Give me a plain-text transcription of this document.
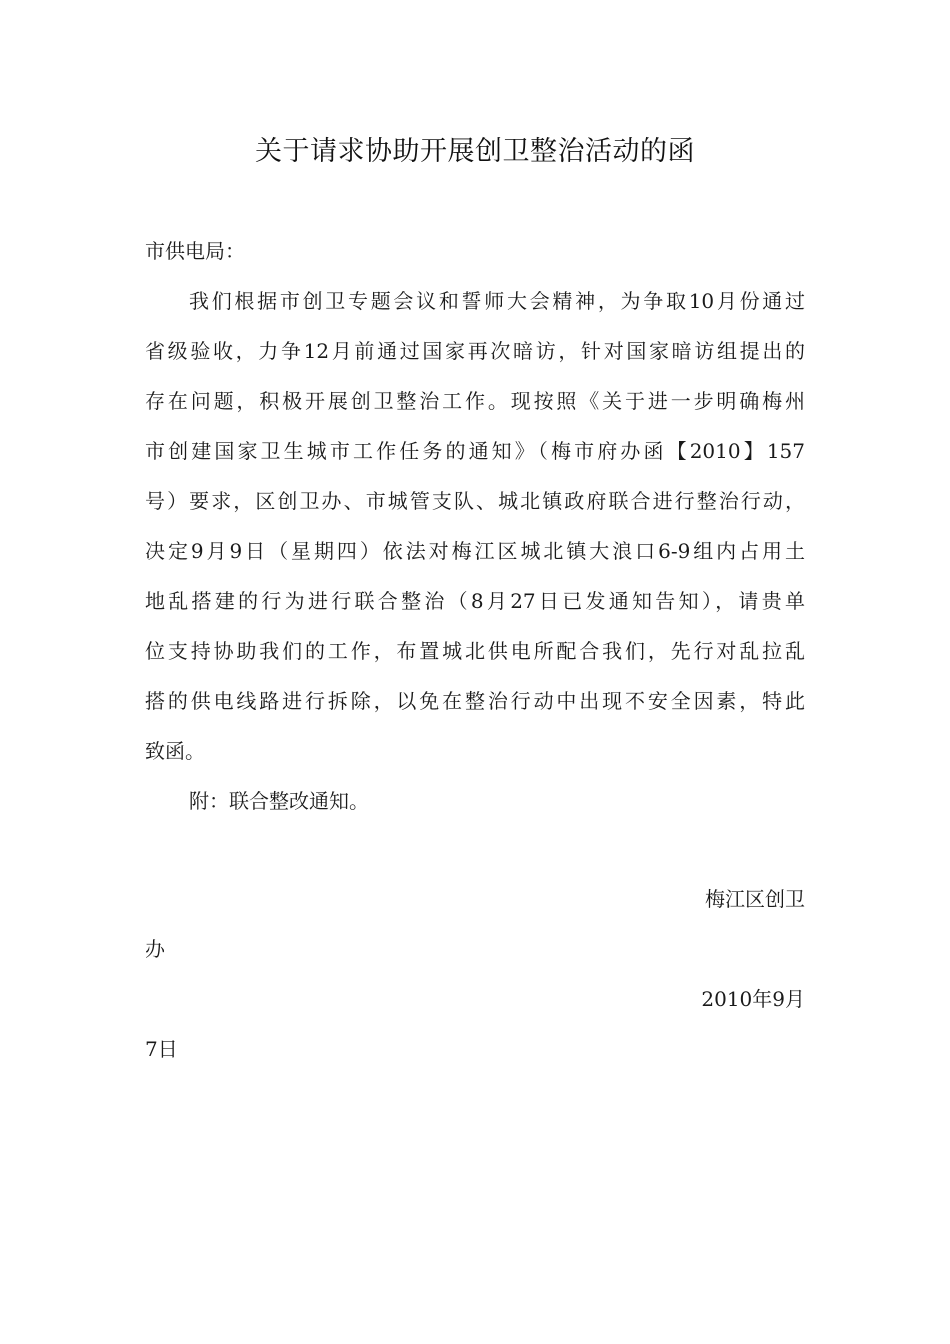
关于请求协助开展创卫整治活动的函
市供电局：
我们根据市创卫专题会议和誓师大会精神，为争取10月份通过
省级验收，力争12月前通过国家再次暗访，针对国家暗访组提出的
存在问题，积极开展创卫整治工作。现按照《关于进一步明确梅州
市创建国家卫生城市工作任务的通知》（梅市府办函【2010】157
号）要求，区创卫办、市城管支队、城北镇政府联合进行整治行动，
决定9月9日（星期四）依法对梅江区城北镇大浪口6-9组内占用土
地乱搭建的行为进行联合整治（8月27日已发通知告知），请贵单
位支持协助我们的工作，布置城北供电所配合我们，先行对乱拉乱
搭的供电线路进行拆除，以免在整治行动中出现不安全因素，特此
致函。
附：联合整改通知。
梅江区创卫
办
2010年9月
7日
